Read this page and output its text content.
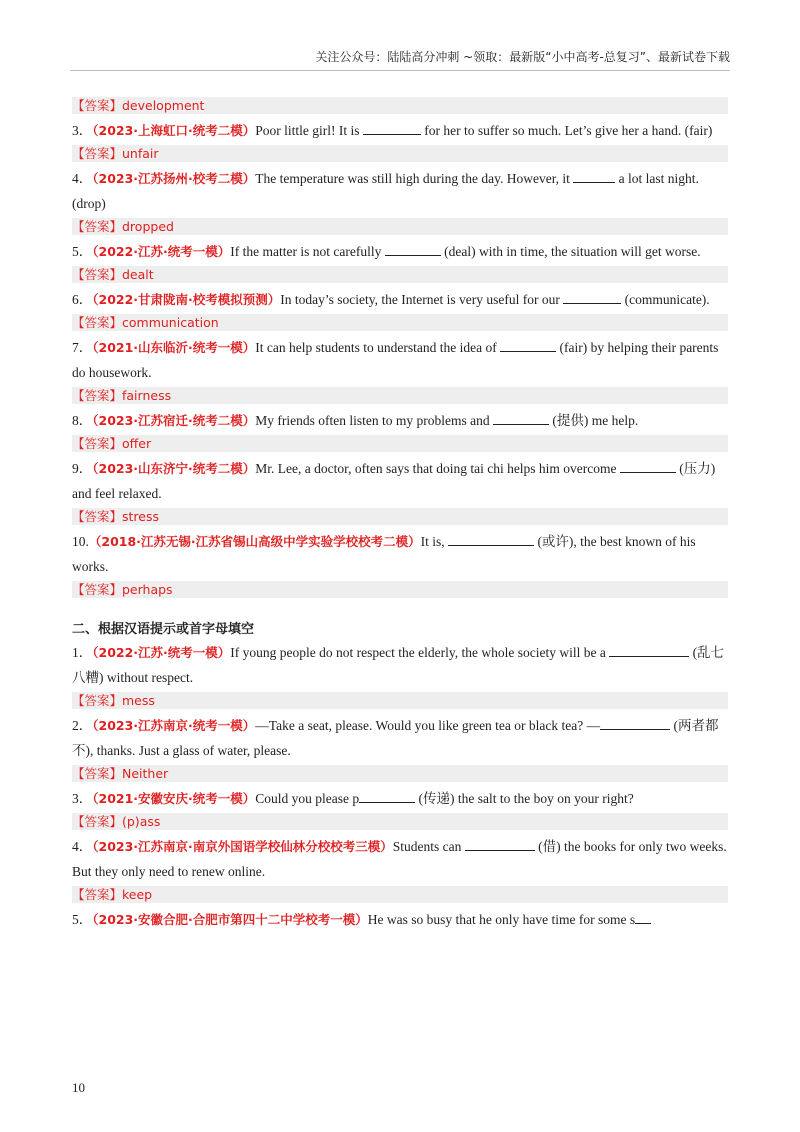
关注公众号：陆陆高分冲刺 ~领取：最新版“小中高考-总复习”、最新试卷下载
【答案】development
3．（2023·上海虹口·统考二模）Poor little girl! It is	for her to suffer so much. Let’s give her a hand. (fair)
【答案】unfair
4．（2023·江苏扬州·校考二模）The temperature was still high during the day. However, it	a lot last night. (drop)
【答案】dropped
5．（2022·江苏·统考一模）If the matter is not carefully	(deal) with in time, the situation will get worse.
【答案】dealt
6．（2022·甘肃陇南·校考模拟预测）In today’s society, the Internet is very useful for our	(communicate).
【答案】communication
7．（2021·山东临沂·统考一模）It can help students to understand the idea of	(fair) by helping their parents do housework.
【答案】fairness
8．（2023·江苏宿迁·统考二模）My friends often listen to my problems and	(提供) me help.
【答案】offer
9．（2023·山东济宁·统考二模）Mr. Lee, a doctor, often says that doing tai chi helps him overcome	(压力) and feel relaxed.
【答案】stress
10.（2018·江苏无锡·江苏省锡山高级中学实验学校校考二模）It is,	(或许), the best known of his works.
【答案】perhaps
二、根据汉语提示或首字母填空
1．（2022·江苏·统考一模）If young people do not respect the elderly, the whole society will be a	(乱七八糟) without respect.
【答案】mess
2．（2023·江苏南京·统考一模）—Take a seat, please. Would you like green tea or black tea? —	(两者都不), thanks. Just a glass of water, please.
【答案】Neither
3．（2021·安徽安庆·统考一模）Could you please p	(传递) the salt to the boy on your right?
【答案】(p)ass
4．（2023·江苏南京·南京外国语学校仙林分校校考三模）Students can	(借) the books for only two weeks. But they only need to renew online.
【答案】keep
5．（2023·安徽合肥·合肥市第四十二中学校考一模）He was so busy that he only have time for some s
10
